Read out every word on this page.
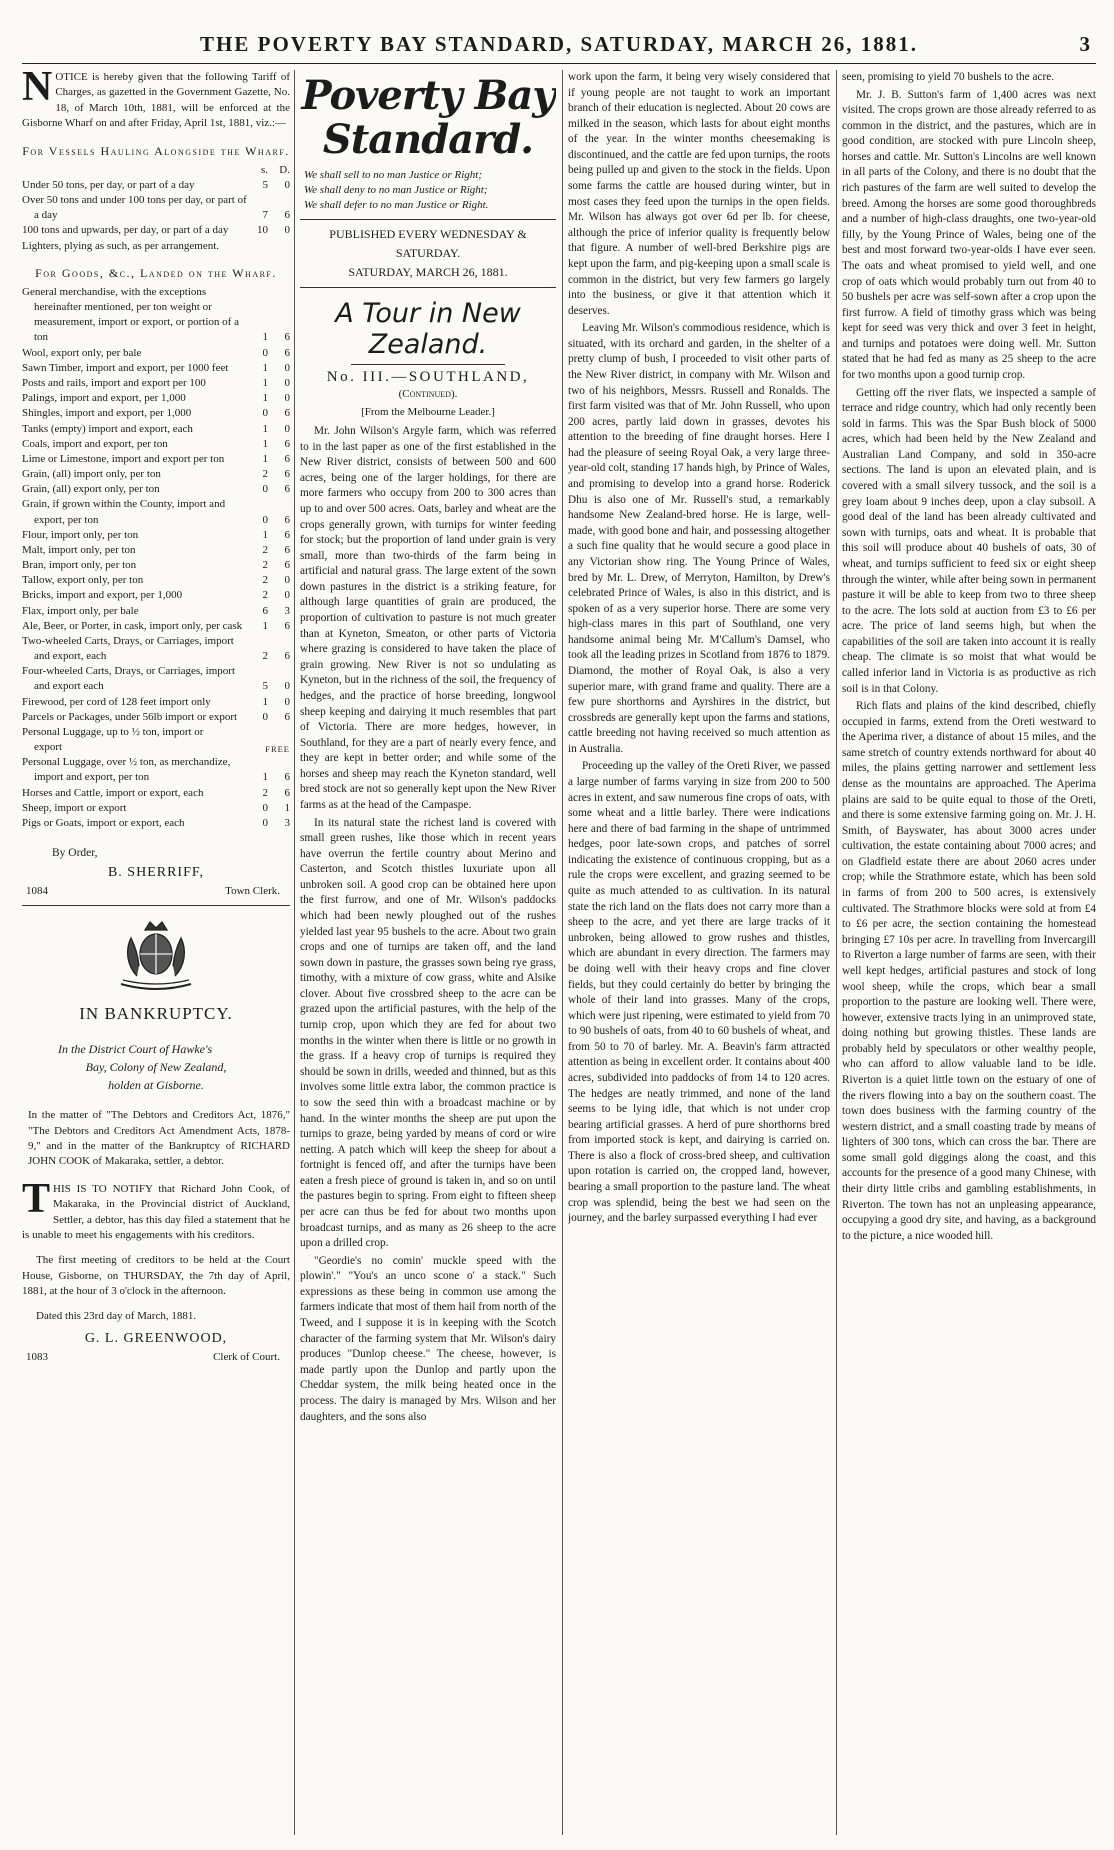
THE POVERTY BAY STANDARD, SATURDAY, MARCH 26, 1881.	3
NOTICE is hereby given that the following Tariff of Charges, as gazetted in the Government Gazette, No. 18, of March 10th, 1881, will be enforced at the Gisborne Wharf on and after Friday, April 1st, 1881, viz.:—
For Vessels Hauling Alongside the Wharf.
s.	D.
Under 50 tons, per day, or part of a day	5	0
Over 50 tons and under 100 tons per day, or part of a day	7	6
100 tons and upwards, per day, or part of a day	10	0
Lighters, plying as such, as per arrangement.
For Goods, &c., Landed on the Wharf.
General merchandise, with the exceptions hereinafter mentioned, per ton weight or measurement, import or export, or portion of a ton	1	6
Wool, export only, per bale	0	6
Sawn Timber, import and export, per 1000 feet	1	0
Posts and rails, import and export per 100	1	0
Palings, import and export, per 1,000	1	0
Shingles, import and export, per 1,000	0	6
Tanks (empty) import and export, each	1	0
Coals, import and export, per ton	1	6
Lime or Limestone, import and export per ton	1	6
Grain, (all) import only, per ton	2	6
Grain, (all) export only, per ton	0	6
Grain, if grown within the County, import and export, per ton	0	6
Flour, import only, per ton	1	6
Malt, import only, per ton	2	6
Bran, import only, per ton	2	6
Tallow, export only, per ton	2	0
Bricks, import and export, per 1,000	2	0
Flax, import only, per bale	6	3
Ale, Beer, or Porter, in cask, import only, per cask	1	6
Two-wheeled Carts, Drays, or Carriages, import and export, each	2	6
Four-wheeled Carts, Drays, or Carriages, import and export each	5	0
Firewood, per cord of 128 feet import only	1	0
Parcels or Packages, under 56lb import or export	0	6
Personal Luggage, up to ½ ton, import or export	FREE
Personal Luggage, over ½ ton, as merchandize, import and export, per ton	1	6
Horses and Cattle, import or export, each	2	6
Sheep, import or export	0	1
Pigs or Goats, import or export, each	0	3
By Order,
B. SHERRIFF,
1084	Town Clerk.
IN BANKRUPTCY.
In the District Court of Hawke's
Bay, Colony of New Zealand,
holden at Gisborne.
In the matter of "The Debtors and Creditors Act, 1876," "The Debtors and Creditors Act Amendment Acts, 1878-9," and in the matter of the Bankruptcy of RICHARD JOHN COOK of Makaraka, settler, a debtor.
THIS IS TO NOTIFY that Richard John Cook, of Makaraka, in the Provincial district of Auckland, Settler, a debtor, has this day filed a statement that he is unable to meet his engagements with his creditors.
The first meeting of creditors to be held at the Court House, Gisborne, on THURSDAY, the 7th day of April, 1881, at the hour of 3 o'clock in the afternoon.
Dated this 23rd day of March, 1881.
G. L. GREENWOOD,
1083	Clerk of Court.
Poverty Bay Standard.
We shall sell to no man Justice or Right;
We shall deny to no man Justice or Right;
We shall defer to no man Justice or Right.
PUBLISHED EVERY WEDNESDAY & SATURDAY.
SATURDAY, MARCH 26, 1881.
A Tour in New Zealand.
No. III.—SOUTHLAND,
(Continued).
[From the Melbourne Leader.]

Mr. John Wilson's Argyle farm, which was referred to in the last paper as one of the first established in the New River district, consists of between 500 and 600 acres, being one of the larger holdings, for there are more farmers who occupy from 200 to 300 acres than up to and over 500 acres. Oats, barley and wheat are the crops generally grown, with turnips for winter feeding for stock; but the proportion of land under grain is very small, more than two-thirds of the farm being in artificial and natural grass. The large extent of the sown down pastures in the district is a striking feature, for although large quantities of grain are produced, the proportion of cultivation to pasture is not much greater than at Kyneton, Smeaton, or other parts of Victoria where grazing is considered to have taken the place of grain growing. New River is not so undulating as Kyneton, but in the richness of the soil, the frequency of hedges, and the practice of horse breeding, longwool sheep keeping and dairying it much resembles that part of Victoria. There are more hedges, however, in Southland, for they are a part of nearly every fence, and they are kept in better order; and while some of the horses and sheep may reach the Kyneton standard, well bred stock are not so generally kept upon the New River farms as at the head of the Campaspe.

In its natural state the richest land is covered with small green rushes, like those which in recent years have overrun the fertile country about Merino and Casterton, and Scotch thistles luxuriate upon all unbroken soil. A good crop can be obtained here upon the first furrow, and one of Mr. Wilson's paddocks which had been newly ploughed out of the rushes yielded last year 95 bushels to the acre. About two grain crops and one of turnips are taken off, and the land sown down in pasture, the grasses sown being rye grass, timothy, with a mixture of cow grass, white and Alsike clover. About five crossbred sheep to the acre can be grazed upon the artificial pastures, with the help of the turnip crop, upon which they are fed for about two months in the winter when there is little or no growth in the grass. If a heavy crop of turnips is required they should be sown in drills, weeded and thinned, but as this involves some little extra labor, the common practice is to sow the seed thin with a broadcast machine or by hand. In the winter months the sheep are put upon the turnips to graze, being yarded by means of cord or wire netting. A patch which will keep the sheep for about a fortnight is fenced off, and after the turnips have been eaten a fresh piece of ground is taken in, and so on until the pastures begin to spring. From eight to fifteen sheep per acre can thus be fed for about two months upon broadcast turnips, and as many as 26 sheep to the acre upon a drilled crop.

"Geordie's no comin' muckle speed with the plowin'." "You's an unco scone o' a stack." Such expressions as these being in common use among the farmers indicate that most of them hail from north of the Tweed, and I suppose it is in keeping with the Scotch character of the farming system that Mr. Wilson's dairy produces "Dunlop cheese." The cheese, however, is made partly upon the Dunlop and partly upon the Cheddar system, the milk being heated once in the process. The dairy is managed by Mrs. Wilson and her daughters, and the sons also

work upon the farm, it being very wisely considered that if young people are not taught to work an important branch of their education is neglected. About 20 cows are milked in the season, which lasts for about eight months of the year. In the winter months cheesemaking is discontinued, and the cattle are fed upon turnips, the roots being pulled up and given to the stock in the fields. Upon some farms the cattle are housed during winter, but in most cases they feed upon the turnips in the open fields. Mr. Wilson has always got over 6d per lb. for cheese, although the price of inferior quality is frequently below that figure. A number of well-bred Berkshire pigs are kept upon the farm, and pig-keeping upon a small scale is common in the district, but very few farmers go largely into the business, or give it that attention which it deserves.

Leaving Mr. Wilson's commodious residence, which is situated, with its orchard and garden, in the shelter of a pretty clump of bush, I proceeded to visit other parts of the New River district, in company with Mr. Wilson and two of his neighbors, Messrs. Russell and Ronalds. The first farm visited was that of Mr. John Russell, who upon 200 acres, partly laid down in grasses, devotes his attention to the breeding of fine draught horses. Here I had the pleasure of seeing Royal Oak, a very large three-year-old colt, standing 17 hands high, by Prince of Wales, and promising to develop into a grand horse. Roderick Dhu is also one of Mr. Russell's stud, a remarkably handsome New Zealand-bred horse. He is large, well-made, with good bone and hair, and possessing altogether a such fine quality that he would secure a good place in any Victorian show ring. The Young Prince of Wales, bred by Mr. L. Drew, of Merryton, Hamilton, by Drew's celebrated Prince of Wales, is also in this district, and is spoken of as a very superior horse. There are some very high-class mares in this part of Southland, one very handsome animal being Mr. M'Callum's Damsel, who took all the leading prizes in Scotland from 1876 to 1879. Diamond, the mother of Royal Oak, is also a very superior mare, with grand frame and quality. There are a few pure shorthorns and Ayrshires in the district, but crossbreds are generally kept upon the farms and stations, cattle breeding not having received so much attention as in Australia.

Proceeding up the valley of the Oreti River, we passed a large number of farms varying in size from 200 to 500 acres in extent, and saw numerous fine crops of oats, with some wheat and a little barley. There were indications here and there of bad farming in the shape of untrimmed hedges, poor late-sown crops, and patches of sorrel indicating the existence of continuous cropping, but as a rule the crops were excellent, and grazing seemed to be quite as much attended to as cultivation. In its natural state the rich land on the flats does not carry more than a sheep to the acre, and yet there are large tracks of it unbroken, being allowed to grow rushes and thistles, which are abundant in every direction. The farmers may be doing well with their heavy crops and fine clover fields, but they could certainly do better by bringing the whole of their land into grasses. Many of the crops, which were just ripening, were estimated to yield from 70 to 90 bushels of oats, from 40 to 60 bushels of wheat, and from 50 to 70 of barley. Mr. A. Beavin's farm attracted attention as being in excellent order. It contains about 400 acres, subdivided into paddocks of from 14 to 120 acres. The hedges are neatly trimmed, and none of the land seems to be lying idle, that which is not under crop bearing artificial grasses. A herd of pure shorthorns bred from imported stock is kept, and dairying is carried on. There is also a flock of cross-bred sheep, and cultivation upon rotation is carried on, the cropped land, however, bearing a small proportion to the pasture land. The wheat crop was splendid, being the best we had seen on the journey, and the barley surpassed everything I had ever

seen, promising to yield 70 bushels to the acre.

Mr. J. B. Sutton's farm of 1,400 acres was next visited. The crops grown are those already referred to as common in the district, and the pastures, which are in good condition, are stocked with pure Lincoln sheep, horses and cattle. Mr. Sutton's Lincolns are well known in all parts of the Colony, and there is no doubt that the rich pastures of the farm are well suited to develop the breed. Among the horses are some good thoroughbreds and a number of high-class draughts, one two-year-old filly, by the Young Prince of Wales, being one of the best and most forward two-year-olds I have ever seen. The oats and wheat promised to yield well, and one crop of oats which would probably turn out from 40 to 50 bushels per acre was self-sown after a crop upon the first furrow. A field of timothy grass which was being kept for seed was very thick and over 3 feet in height, and turnips and potatoes were doing well. Mr. Sutton stated that he had fed as many as 25 sheep to the acre for two months upon a good turnip crop.

Getting off the river flats, we inspected a sample of terrace and ridge country, which had only recently been sold in farms. This was the Spar Bush block of 5000 acres, which had been held by the New Zealand and Australian Land Company, and sold in 350-acre sections. The land is upon an elevated plain, and is covered with a small silvery tussock, and the soil is a grey loam about 9 inches deep, upon a clay subsoil. A good deal of the land has been already cultivated and sown with turnips, oats and wheat. It is probable that this soil will produce about 40 bushels of oats, 30 of wheat, and turnips sufficient to feed six or eight sheep through the winter, while after being sown in permanent pasture it will be able to keep from two to three sheep to the acre. The lots sold at auction from £3 to £6 per acre. The price of land seems high, but when the capabilities of the soil are taken into account it is really cheap. The climate is so moist that what would be called inferior land in Victoria is as productive as rich soil is in that Colony.

Rich flats and plains of the kind described, chiefly occupied in farms, extend from the Oreti westward to the Aperima river, a distance of about 15 miles, and the same stretch of country extends northward for about 40 miles, the plains getting narrower and settlement less dense as the mountains are approached. The Aperima plains are said to be quite equal to those of the Oreti, and there is some extensive farming going on. Mr. J. H. Smith, of Bayswater, has about 3000 acres under cultivation, the estate containing about 7000 acres; and on Gladfield estate there are about 2060 acres under crop; while the Strathmore estate, which has been sold in farms of from 200 to 500 acres, is extensively cultivated. The Strathmore blocks were sold at from £4 to £6 per acre, the section containing the homestead bringing £7 10s per acre. In travelling from Invercargill to Riverton a large number of farms are seen, with their well kept hedges, artificial pastures and stock of long wool sheep, while the crops, which bear a small proportion to the pasture are looking well. There were, however, extensive tracts lying in an unimproved state, doing nothing but growing thistles. These lands are probably held by speculators or other wealthy people, who can afford to allow valuable land to be idle. Riverton is a quiet little town on the estuary of one of the rivers flowing into a bay on the southern coast. The town does business with the farming country of the western district, and a small coasting trade by means of lighters of 300 tons, which can cross the bar. There are some small gold diggings along the coast, and this accounts for the presence of a good many Chinese, with their dirty little cribs and gambling establishments, in Riverton. The town has not an unpleasing appearance, occupying a good dry site, and having, as a background to the picture, a nice wooded hill.
